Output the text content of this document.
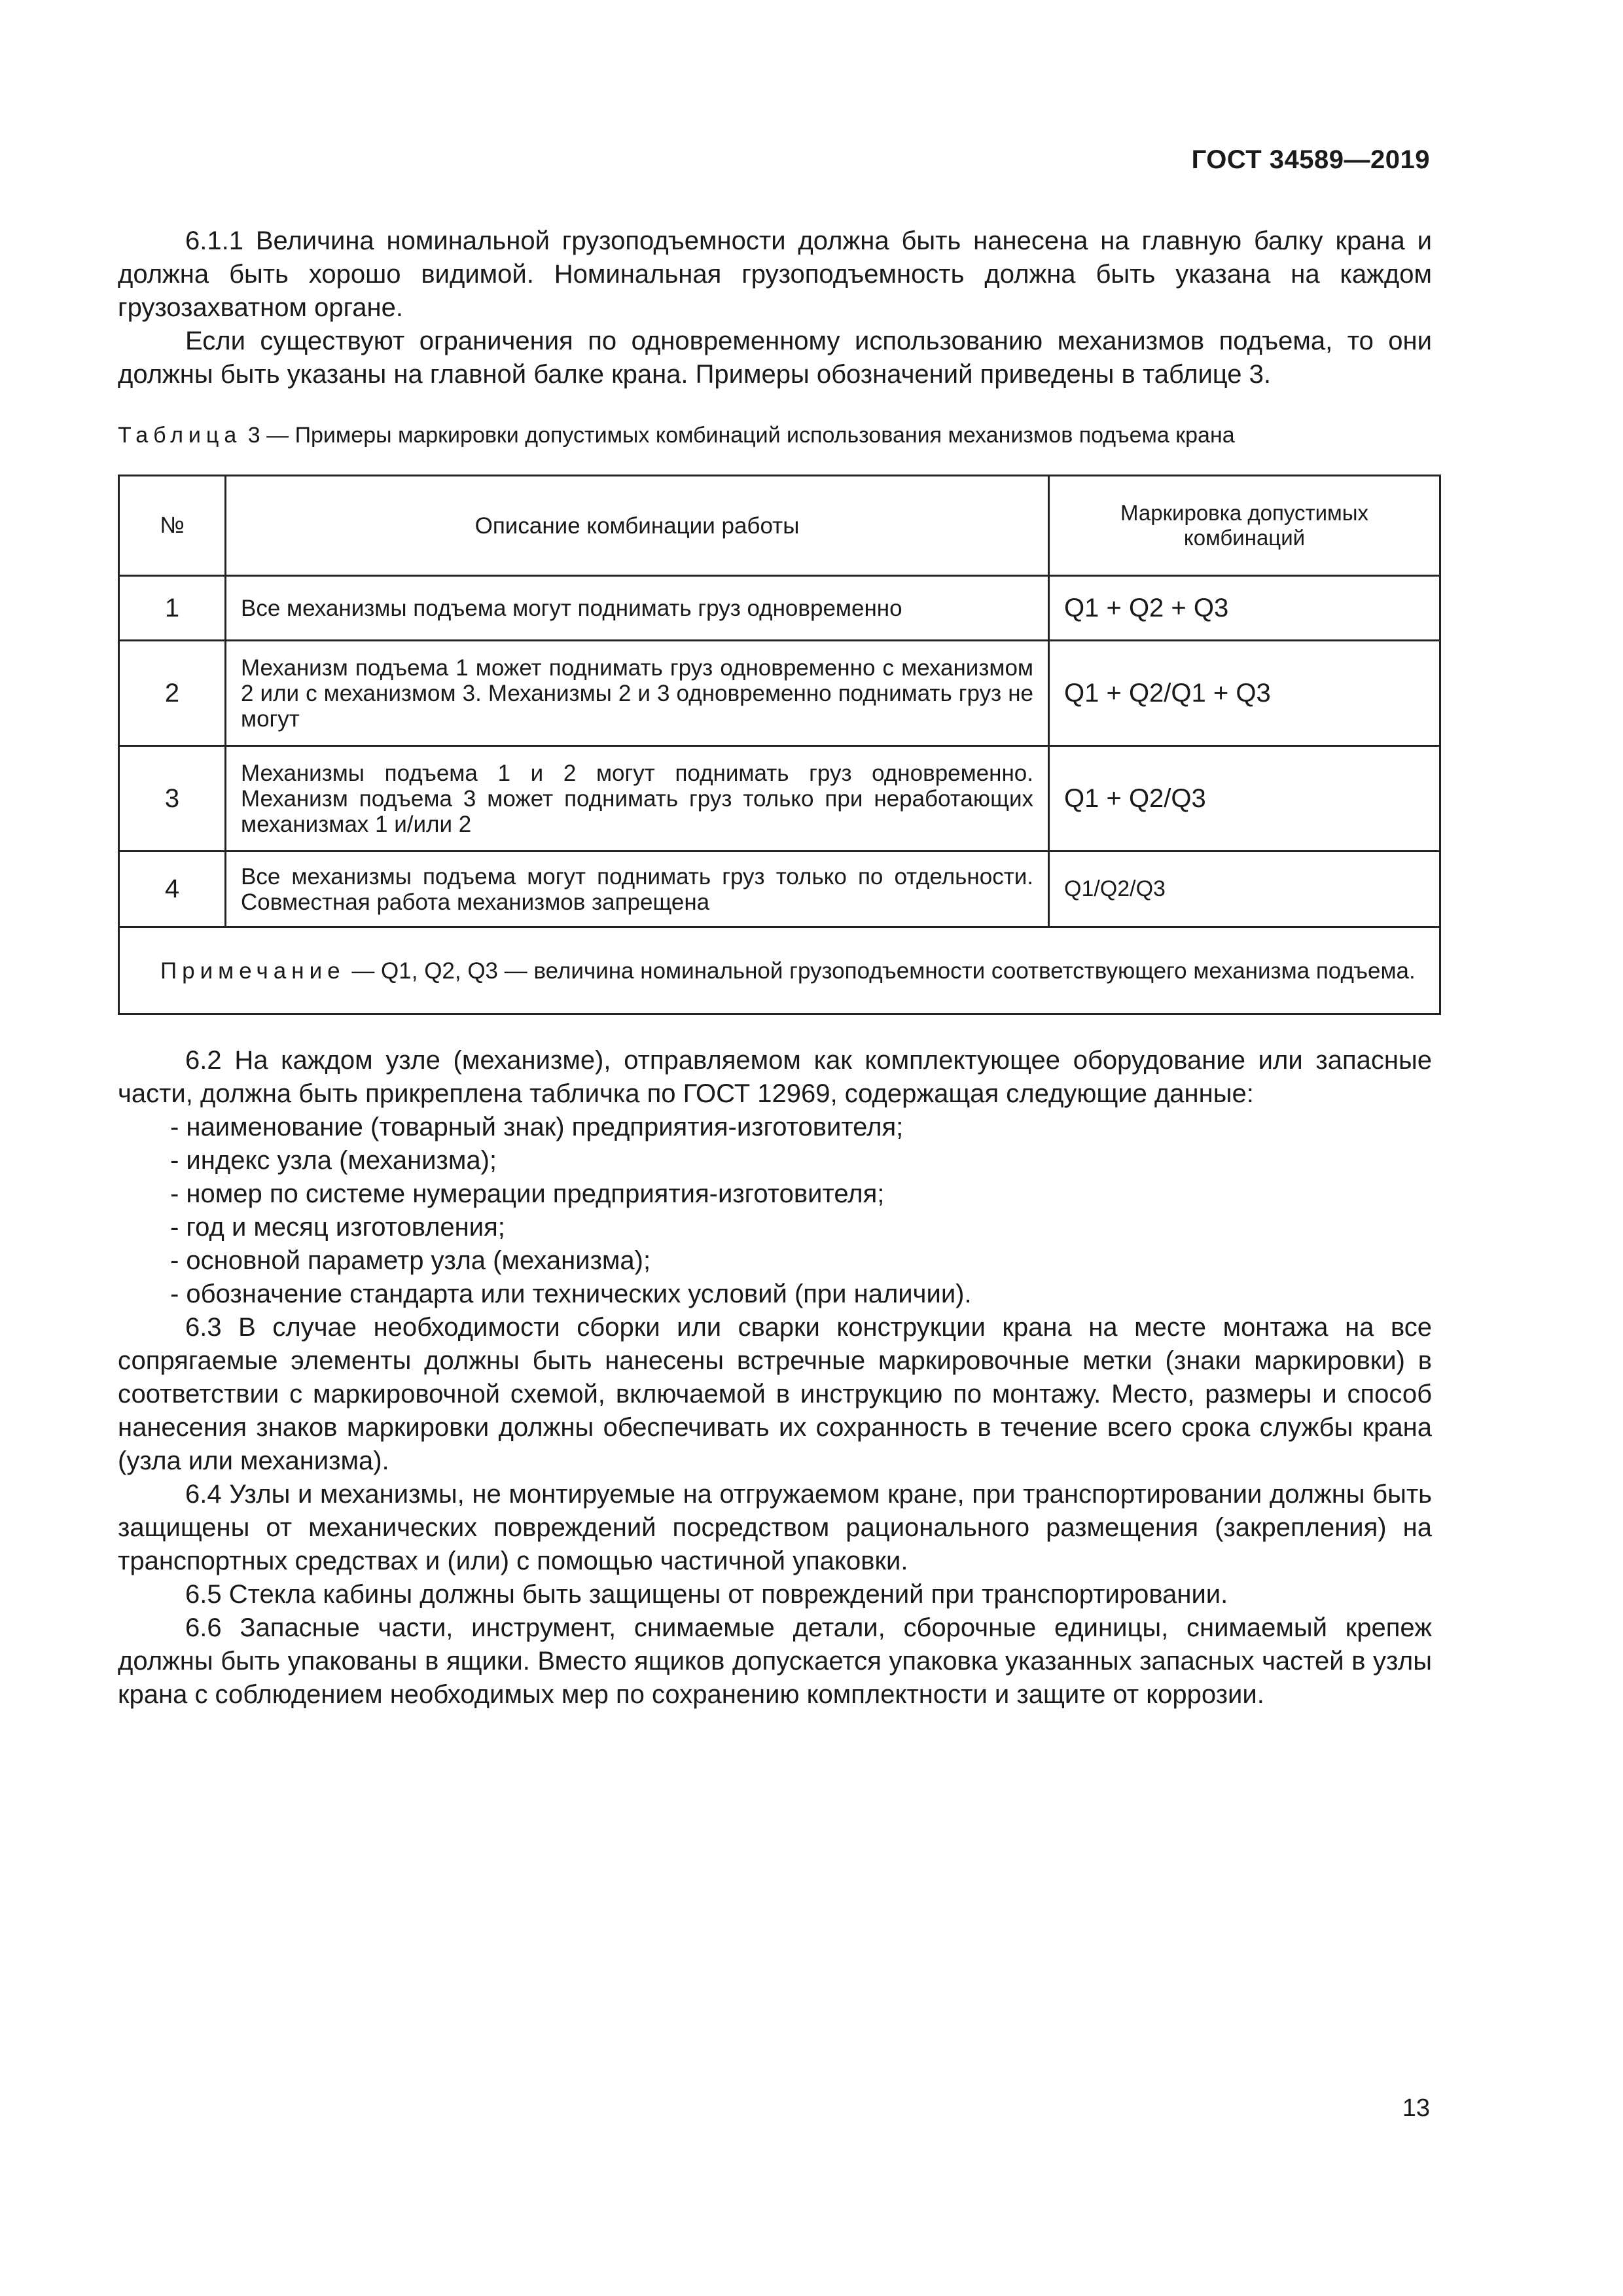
ГОСТ 34589—2019

6.1.1 Величина номинальной грузоподъемности должна быть нанесена на главную балку крана и должна быть хорошо видимой. Номинальная грузоподъемность должна быть указана на каждом грузозахватном органе.

Если существуют ограничения по одновременному использованию механизмов подъема, то они должны быть указаны на главной балке крана. Примеры обозначений приведены в таблице 3.

Таблица 3 — Примеры маркировки допустимых комбинаций использования механизмов подъема крана
№	Описание комбинации работы	Маркировка допустимых комбинаций
1	Все механизмы подъема могут поднимать груз одновременно	Q1 + Q2 + Q3
2	Механизм подъема 1 может поднимать груз одновременно с механизмом 2 или с механизмом 3. Механизмы 2 и 3 одновременно поднимать груз не могут	Q1 + Q2/Q1 + Q3
3	Механизмы подъема 1 и 2 могут поднимать груз одновременно. Механизм подъема 3 может поднимать груз только при неработающих механизмах 1 и/или 2	Q1 + Q2/Q3
4	Все механизмы подъема могут поднимать груз только по отдельности. Совместная работа механизмов запрещена	Q1/Q2/Q3
Примечание — Q1, Q2, Q3 — величина номинальной грузоподъемности соответствующего механизма подъема.		

6.2 На каждом узле (механизме), отправляемом как комплектующее оборудование или запасные части, должна быть прикреплена табличка по ГОСТ 12969, содержащая следующие данные:

- наименование (товарный знак) предприятия-изготовителя;
- индекс узла (механизма);
- номер по системе нумерации предприятия-изготовителя;
- год и месяц изготовления;
- основной параметр узла (механизма);
- обозначение стандарта или технических условий (при наличии).

6.3 В случае необходимости сборки или сварки конструкции крана на месте монтажа на все сопрягаемые элементы должны быть нанесены встречные маркировочные метки (знаки маркировки) в соответствии с маркировочной схемой, включаемой в инструкцию по монтажу. Место, размеры и способ нанесения знаков маркировки должны обеспечивать их сохранность в течение всего срока службы крана (узла или механизма).

6.4 Узлы и механизмы, не монтируемые на отгружаемом кране, при транспортировании должны быть защищены от механических повреждений посредством рационального размещения (закрепления) на транспортных средствах и (или) с помощью частичной упаковки.

6.5 Стекла кабины должны быть защищены от повреждений при транспортировании.

6.6 Запасные части, инструмент, снимаемые детали, сборочные единицы, снимаемый крепеж должны быть упакованы в ящики. Вместо ящиков допускается упаковка указанных запасных частей в узлы крана с соблюдением необходимых мер по сохранению комплектности и защите от коррозии.

13
